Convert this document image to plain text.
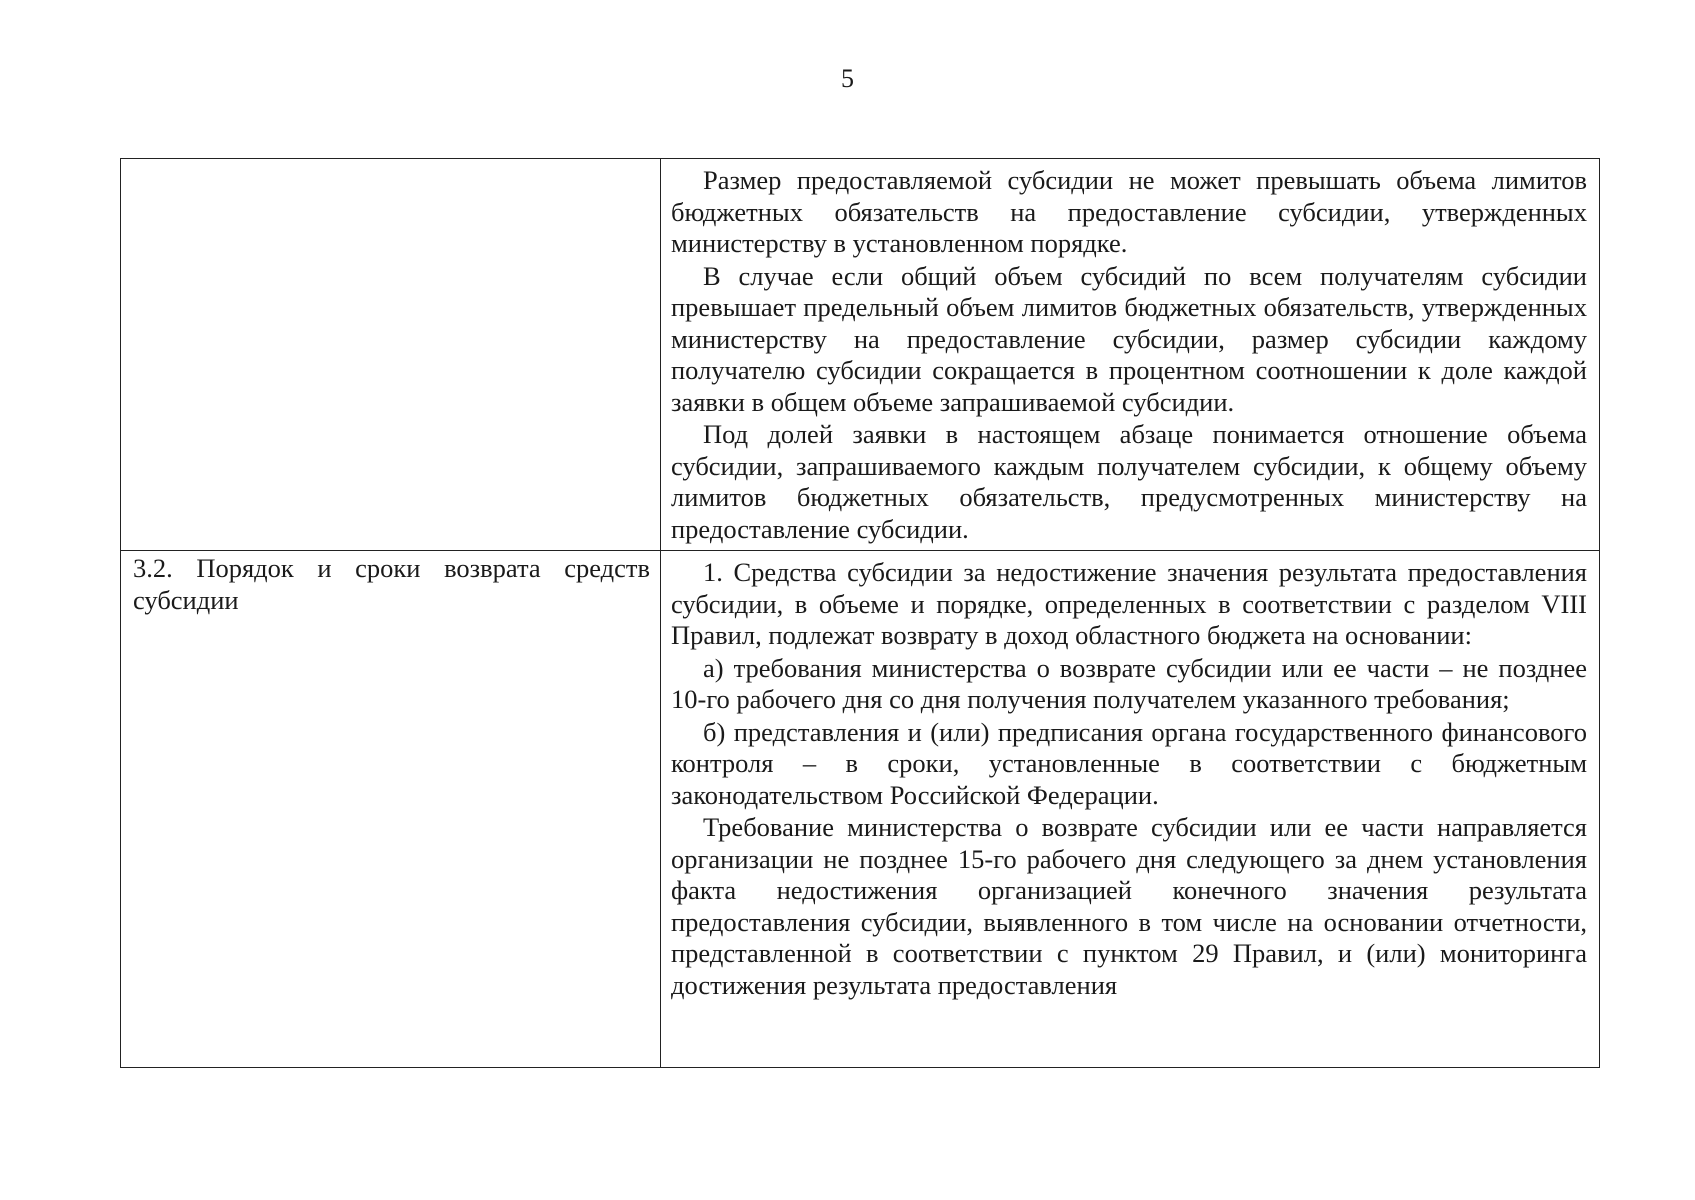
5

	Размер предоставляемой субсидии не может превышать объема лимитов бюджетных обязательств на предоставление субсидии, утвержденных министерству в установленном порядке.

В случае если общий объем субсидий по всем получателям субсидии превышает предельный объем лимитов бюджетных обязательств, утвержденных министерству на предоставление субсидии, размер субсидии каждому получателю субсидии сокращается в процентном соотношении к доле каждой заявки в общем объеме запрашиваемой субсидии.

Под долей заявки в настоящем абзаце понимается отношение объема субсидии, запрашиваемого каждым получателем субсидии, к общему объему лимитов бюджетных обязательств, предусмотренных министерству на предоставление субсидии.

3.2. Порядок и сроки возврата средств субсидии	1. Средства субсидии за недостижение значения результата предоставления субсидии, в объеме и порядке, определенных в соответствии с разделом VIII Правил, подлежат возврату в доход областного бюджета на основании:

а) требования министерства о возврате субсидии или ее части – не позднее 10-го рабочего дня со дня получения получателем указанного требования;

б) представления и (или) предписания органа государственного финансового контроля – в сроки, установленные в соответствии с бюджетным законодательством Российской Федерации.

Требование министерства о возврате субсидии или ее части направляется организации не позднее 15-го рабочего дня следующего за днем установления факта недостижения организацией конечного значения результата предоставления субсидии, выявленного в том числе на основании отчетности, представленной в соответствии с пунктом 29 Правил, и (или) мониторинга достижения результата предоставления
